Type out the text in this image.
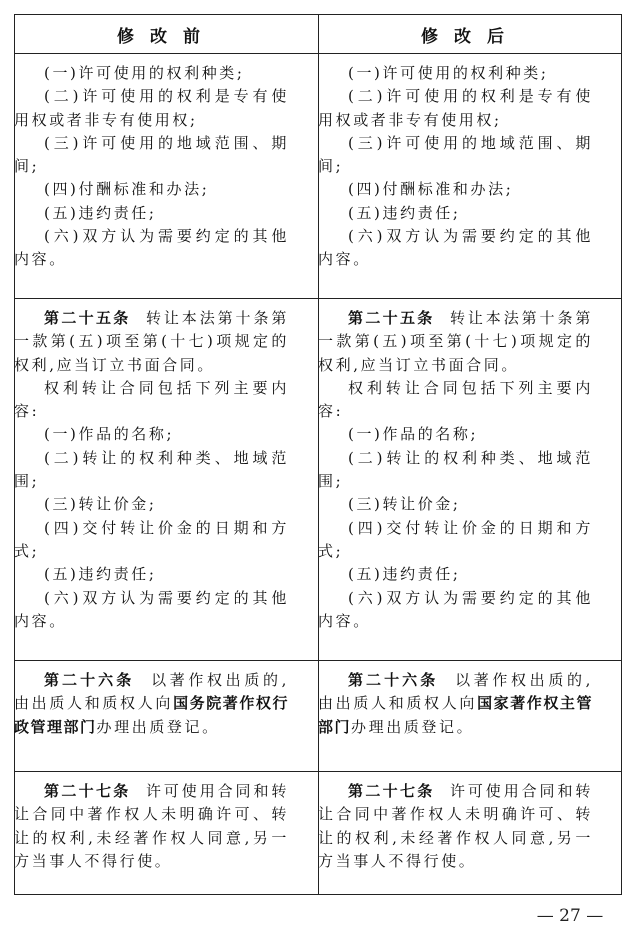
修改前	修改后

(一)许可使用的权利种类;

(二)许可使用的权利是专有使用权或者非专有使用权;

(三)许可使用的地域范围、期间;

(四)付酬标准和办法;

(五)违约责任;

(六)双方认为需要约定的其他内容。

(一)许可使用的权利种类;

(二)许可使用的权利是专有使用权或者非专有使用权;

(三)许可使用的地域范围、期间;

(四)付酬标准和办法;

(五)违约责任;

(六)双方认为需要约定的其他内容。

第二十五条 转让本法第十条第一款第(五)项至第(十七)项规定的权利,应当订立书面合同。

权利转让合同包括下列主要内容:

(一)作品的名称;

(二)转让的权利种类、地域范围;

(三)转让价金;

(四)交付转让价金的日期和方式;

(五)违约责任;

(六)双方认为需要约定的其他内容。

第二十五条 转让本法第十条第一款第(五)项至第(十七)项规定的权利,应当订立书面合同。

权利转让合同包括下列主要内容:

(一)作品的名称;

(二)转让的权利种类、地域范围;

(三)转让价金;

(四)交付转让价金的日期和方式;

(五)违约责任;

(六)双方认为需要约定的其他内容。

第二十六条 以著作权出质的,由出质人和质权人向国务院著作权行政管理部门办理出质登记。

第二十六条 以著作权出质的,由出质人和质权人向国家著作权主管部门办理出质登记。

第二十七条 许可使用合同和转让合同中著作权人未明确许可、转让的权利,未经著作权人同意,另一方当事人不得行使。

第二十七条 许可使用合同和转让合同中著作权人未明确许可、转让的权利,未经著作权人同意,另一方当事人不得行使。

— 27 —
